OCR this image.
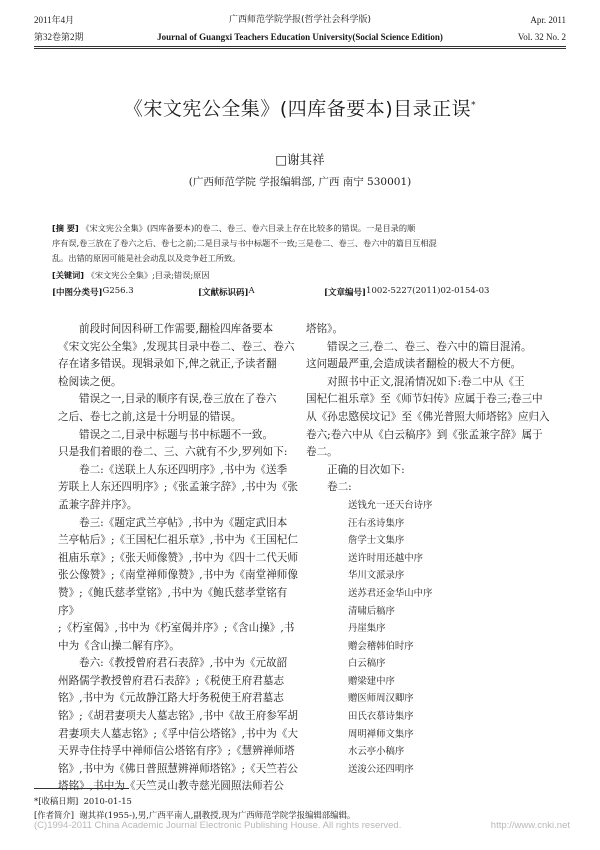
2011年4月	广西师范学院学报(哲学社会科学版)	Apr. 2011
第32卷第2期	Journal of Guangxi Teachers Education University(Social Science Edition)	Vol. 32 No. 2
《宋文宪公全集》(四库备要本)目录正误*
□谢其祥
(广西师范学院 学报编辑部, 广西 南宁 530001)
[摘 要] 《宋文宪公全集》(四库备要本)的卷二、卷三、卷六目录上存在比较多的错误。一是目录的顺
序有误,卷三放在了卷六之后、卷七之前;二是目录与书中标题不一致;三是卷二、卷三、卷六中的篇目互相混
乱。出错的原因可能是社会动乱以及竞争赶工所致。
[关键词] 《宋文宪公全集》;目录;错误;原因
[中图分类号] G256.3	[文献标识码] A	[文章编号] 1002-5227(2011)02-0154-03

前段时间因科研工作需要,翻检四库备要本

《宋文宪公全集》,发现其目录中卷二、卷三、卷六

存在诸多错误。现辑录如下,俾之就正,予读者翻

检阅读之便。

错误之一,目录的顺序有误,卷三放在了卷六

之后、卷七之前,这是十分明显的错误。

错误之二,目录中标题与书中标题不一致。

只是我们着眼的卷二、三、六就有不少,罗列如下:

卷二:《送联上人东还四明序》,书中为《送季

芳联上人东还四明序》;《张孟兼字辞》,书中为《张

孟兼字辞并序》。

卷三:《题定武兰亭帖》,书中为《题定武旧本

兰亭帖后》;《王国杞仁祖乐章》,书中为《王国杞仁

祖庙乐章》;《张天师像赞》,书中为《四十二代天师

张公像赞》;《南堂禅师像赞》,书中为《南堂禅师像

赞》;《鲍氏慈孝堂铭》,书中为《鲍氏慈孝堂铭有序》

;《朽室偈》,书中为《朽室偈并序》;《含山操》,书

中为《含山操二解有序》。

卷六:《教授曾府君石表辞》,书中为《元故韶

州路儒学教授曾府君石表辞》;《税使王府君墓志

铭》,书中为《元故静江路大圩务税使王府君墓志

铭》;《胡君妻项夫人墓志铭》,书中《故王府参军胡

君妻项夫人墓志铭》;《孚中信公塔铭》,书中为《大

天界寺住持孚中禅师信公塔铭有序》;《慧辨禅师塔

铭》,书中为《佛日普照慧辨禅师塔铭》;《天竺若公

塔铭》,书中为《天竺灵山教寺慈光圆照法师若公

塔铭》。

错误之三,卷二、卷三、卷六中的篇目混淆。

这问题最严重,会造成读者翻检的极大不方便。

对照书中正文,混淆情况如下:卷二中从《王

国杞仁祖乐章》至《师节妇传》应属于卷三;卷三中

从《孙忠愍侯坟记》至《佛光普照大师塔铭》应归入

卷六;卷六中从《白云稿序》到《张孟兼字辞》属于

卷二。

正确的目次如下:

卷二:

送钱允一还天台诗序

汪右丞诗集序

詹学士文集序

送许时用还越中序

华川文派录序

送苏君还金华山中序

清啸后稿序

丹崖集序

赠会稽韩伯时序

白云稿序

赠梁建中序

赠医师周汉卿序

田氏衣慕诗集序

周明禅师文集序

水云亭小稿序

送浚公还四明序

*[收稿日期] 2010-01-15
[作者简介] 谢其祥(1955-),男,广西平南人,副教授,现为广西师范学院学报编辑部编辑。
(C)1994-2011 China Academic Journal Electronic Publishing House. All rights reserved.	http://www.cnki.net
